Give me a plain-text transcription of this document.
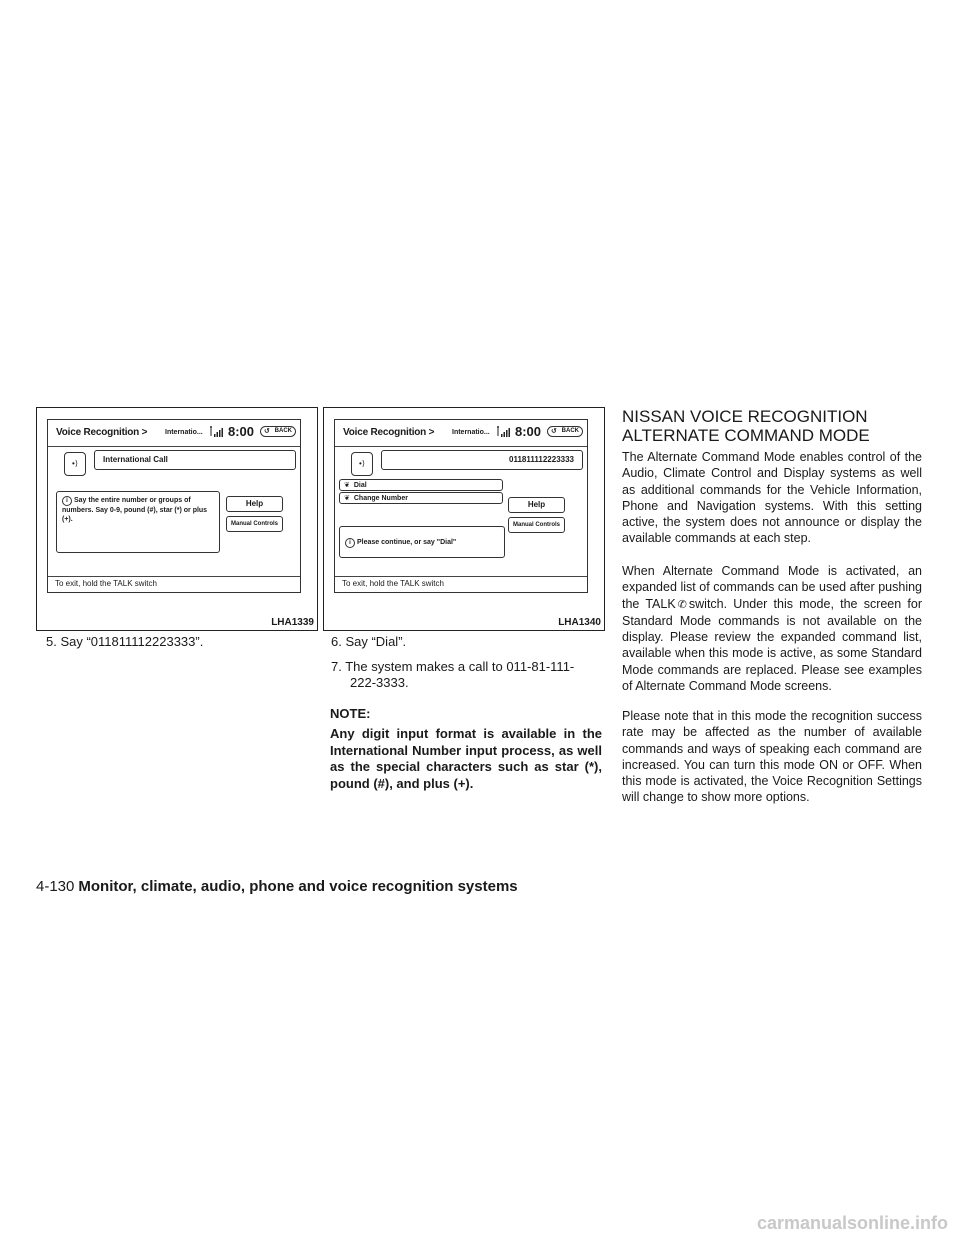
Voice Recognition >	Internatio... 8:00 ↺ BACK
•⟩	International Call
i Say the entire number or groups of numbers. Say 0-9, pound (#), star (*) or plus (+).
Help
Manual Controls
To exit, hold the TALK switch
LHA1339
Voice Recognition >	Internatio... 8:00 ↺ BACK
•⟩	011811112223333
❦ Dial
❦ Change Number
i Please continue, or say "Dial"
Help
Manual Controls
To exit, hold the TALK switch
LHA1340
5. Say “011811112223333”.	6. Say “Dial”.
7. The system makes a call to 011-81-111-
222-3333.
NOTE:
Any digit input format is available in the International Number input process, as well as the special characters such as star (*), pound (#), and plus (+).
NISSAN VOICE RECOGNITION
ALTERNATE COMMAND MODE
The Alternate Command Mode enables control of the Audio, Climate Control and Display systems as well as additional commands for the Vehicle Information, Phone and Navigation systems. With this setting active, the system does not announce or display the available commands at each step.
When Alternate Command Mode is activated, an expanded list of commands can be used after pushing the TALK ✆ switch. Under this mode, the screen for Standard Mode commands is not available on the display. Please review the expanded command list, available when this mode is active, as some Standard Mode commands are replaced. Please see examples of Alternate Command Mode screens.
Please note that in this mode the recognition success rate may be affected as the number of available commands and ways of speaking each command are increased. You can turn this mode ON or OFF. When this mode is activated, the Voice Recognition Settings will change to show more options.
4-130 Monitor, climate, audio, phone and voice recognition systems
carmanualsonline.info
